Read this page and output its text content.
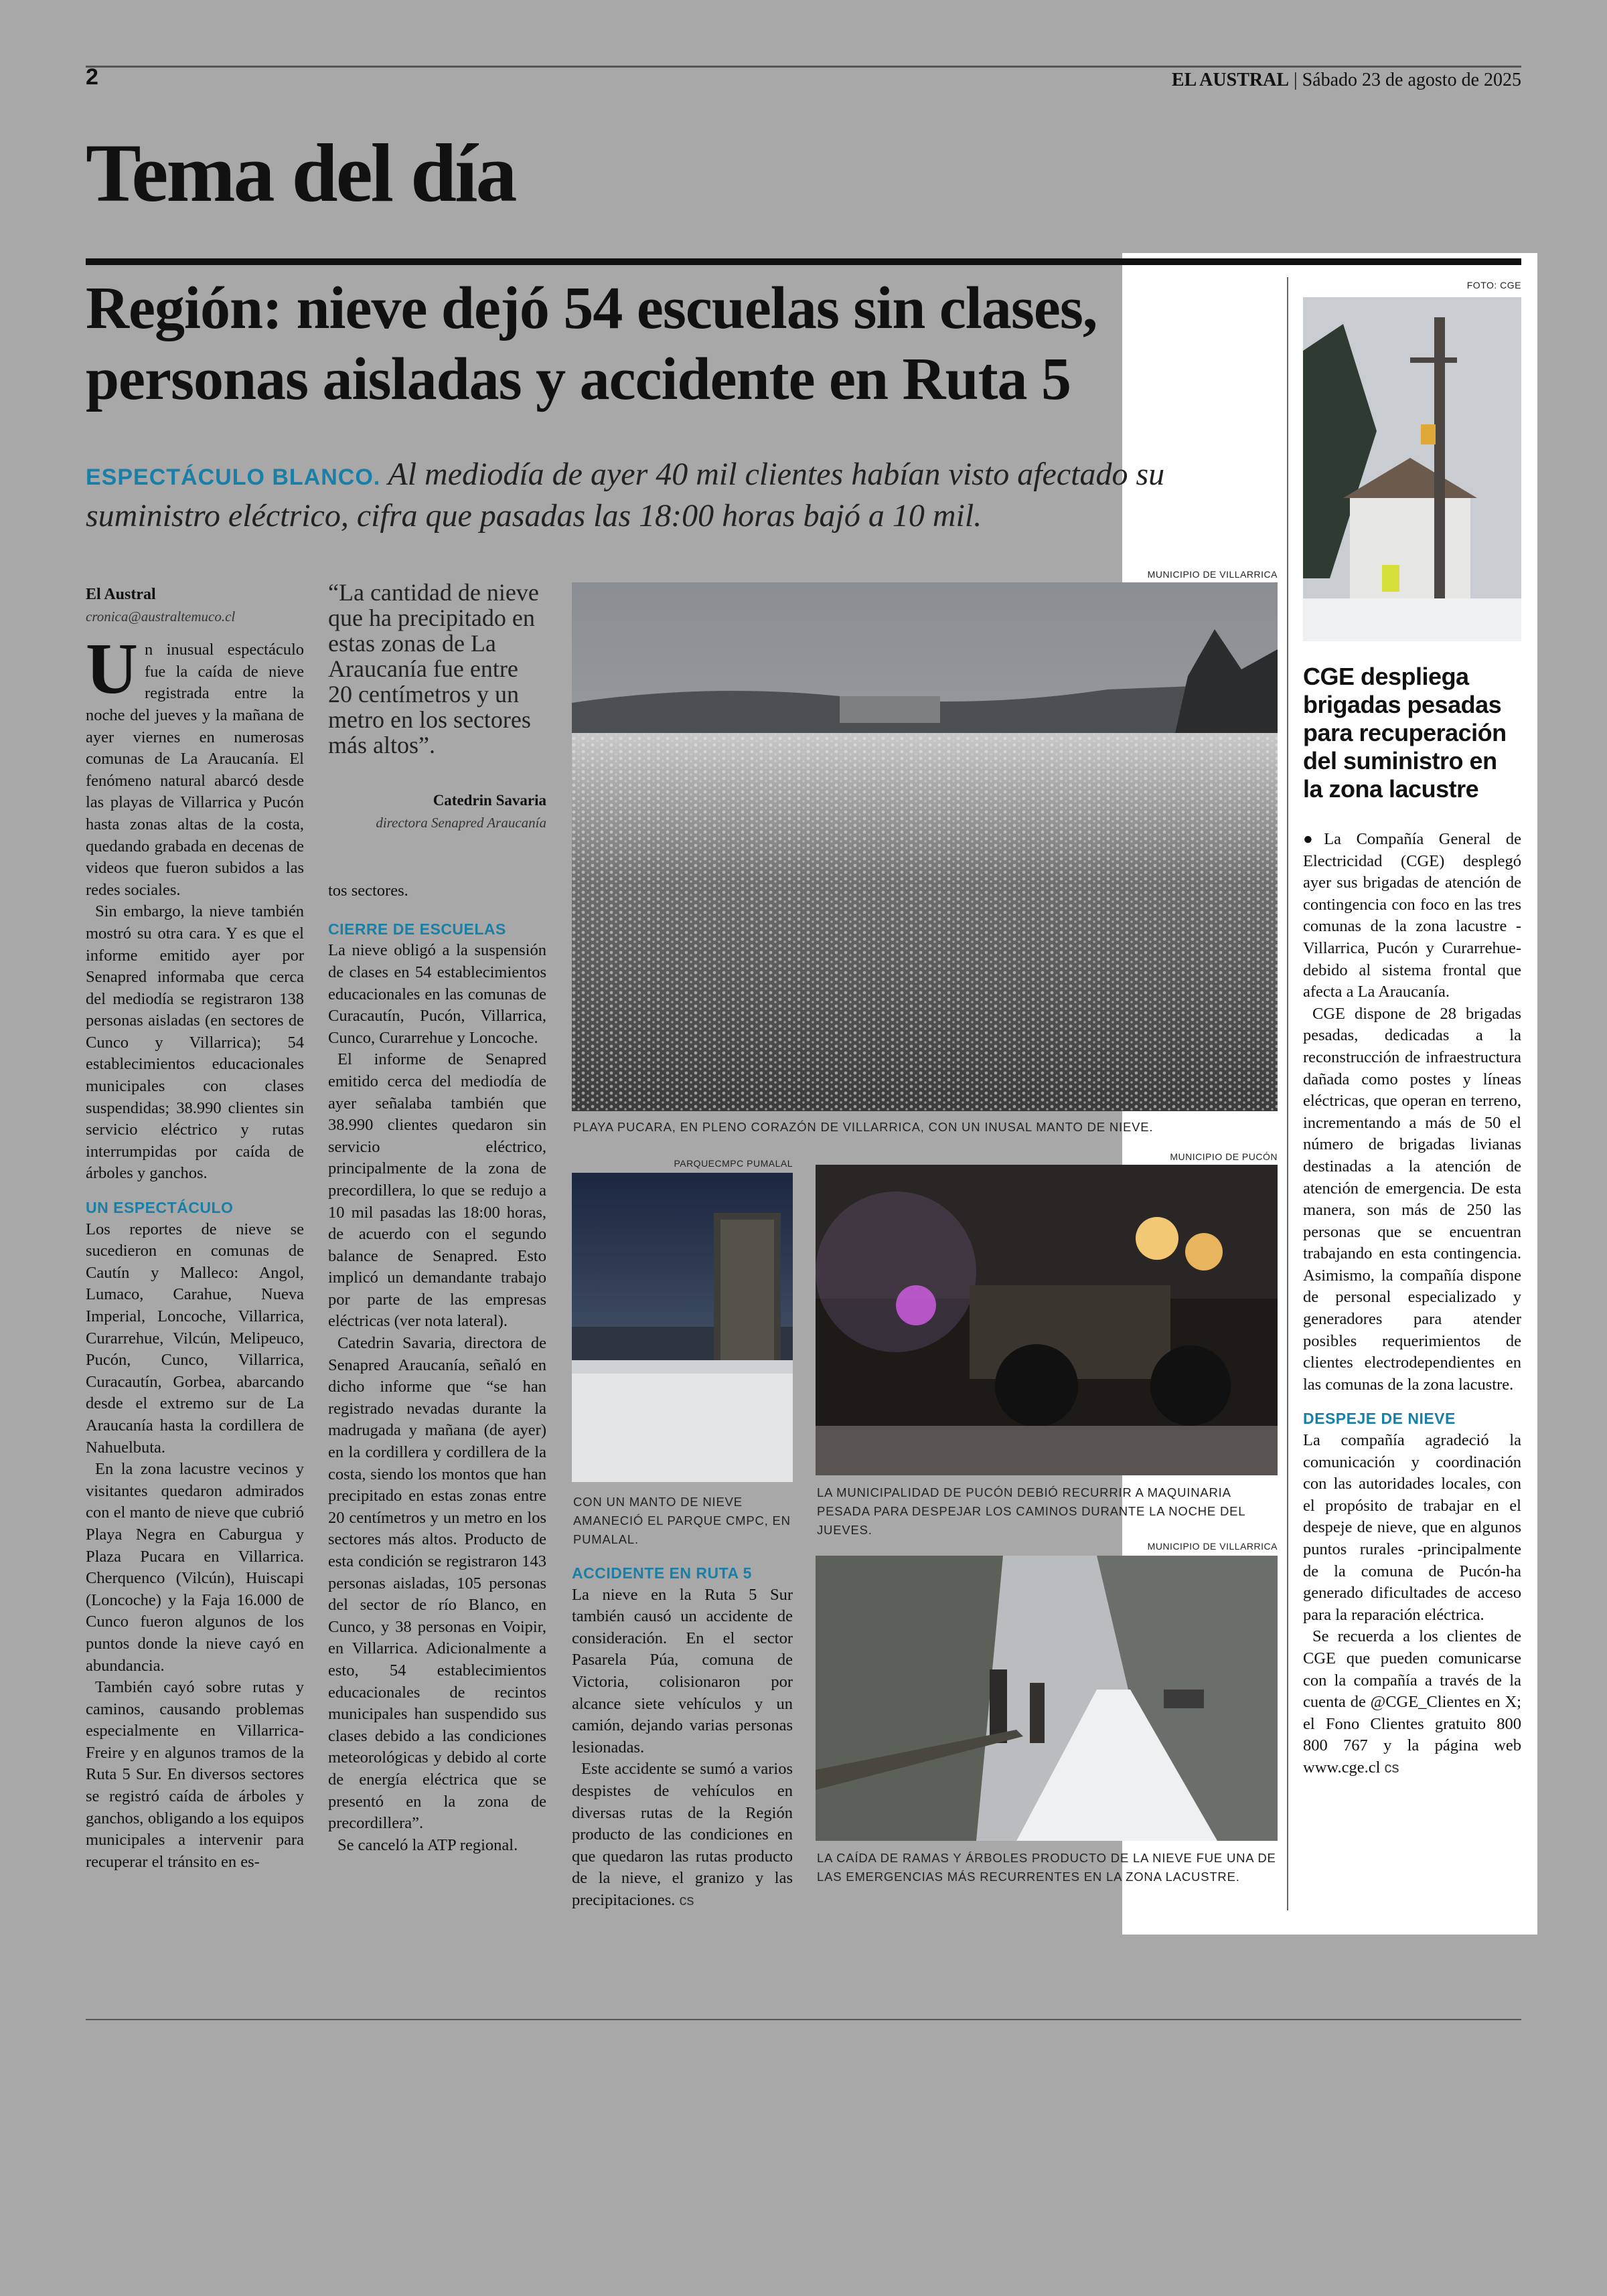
2	EL AUSTRAL | Sábado 23 de agosto de 2025
Tema del día
Región: nieve dejó 54 escuelas sin clases,
personas aisladas y accidente en Ruta 5
ESPECTÁCULO BLANCO. Al mediodía de ayer 40 mil clientes habían visto afectado su suministro eléctrico, cifra que pasadas las 18:00 horas bajó a 10 mil.
El Austral
cronica@australtemuco.cl

Un inusual espectáculo fue la caída de nieve registrada entre la noche del jueves y la mañana de ayer viernes en numerosas comunas de La Araucanía. El fenómeno natural abarcó desde las playas de Villarrica y Pucón hasta zonas altas de la costa, quedando grabada en decenas de videos que fueron subidos a las redes sociales.

Sin embargo, la nieve también mostró su otra cara. Y es que el informe emitido ayer por Senapred informaba que cerca del mediodía se registraron 138 personas aisladas (en sectores de Cunco y Villarrica); 54 establecimientos educacionales municipales con clases suspendidas; 38.990 clientes sin servicio eléctrico y rutas interrumpidas por caída de árboles y ganchos.

UN ESPECTÁCULO

Los reportes de nieve se sucedieron en comunas de Cautín y Malleco: Angol, Lumaco, Carahue, Nueva Imperial, Loncoche, Villarrica, Curarrehue, Vilcún, Melipeuco, Pucón, Cunco, Villarrica, Curacautín, Gorbea, abarcando desde el extremo sur de La Araucanía hasta la cordillera de Nahuelbuta.

En la zona lacustre vecinos y visitantes quedaron admirados con el manto de nieve que cubrió Playa Negra en Caburgua y Plaza Pucara en Villarrica. Cherquenco (Vilcún), Huiscapi (Loncoche) y la Faja 16.000 de Cunco fueron algunos de los puntos donde la nieve cayó en abundancia.

También cayó sobre rutas y caminos, causando problemas especialmente en Villarrica-Freire y en algunos tramos de la Ruta 5 Sur. En diversos sectores se registró caída de árboles y ganchos, obligando a los equipos municipales a intervenir para recuperar el tránsito en es-

“La cantidad de nieve que ha precipitado en estas zonas de La Araucanía fue entre 20 centímetros y un metro en los sectores más altos”.
Catedrin Savaria
directora Senapred Araucanía

tos sectores.

CIERRE DE ESCUELAS

La nieve obligó a la suspensión de clases en 54 establecimientos educacionales en las comunas de Curacautín, Pucón, Villarrica, Cunco, Curarrehue y Loncoche.

El informe de Senapred emitido cerca del mediodía de ayer señalaba también que 38.990 clientes quedaron sin servicio eléctrico, principalmente de la zona de precordillera, lo que se redujo a 10 mil pasadas las 18:00 horas, de acuerdo con el segundo balance de Senapred. Esto implicó un demandante trabajo por parte de las empresas eléctricas (ver nota lateral).

Catedrin Savaria, directora de Senapred Araucanía, señaló en dicho informe que “se han registrado nevadas durante la madrugada y mañana (de ayer) en la cordillera y cordillera de la costa, siendo los montos que han precipitado en estas zonas entre 20 centímetros y un metro en los sectores más altos. Producto de esta condición se registraron 143 personas aisladas, 105 personas del sector de río Blanco, en Cunco, y 38 personas en Voipir, en Villarrica. Adicionalmente a esto, 54 establecimientos educacionales de recintos municipales han suspendido sus clases debido a las condiciones meteorológicas y debido al corte de energía eléctrica que se presentó en la zona de precordillera”.

Se canceló la ATP regional.

MUNICIPIO DE VILLARRICA
PLAYA PUCARA, EN PLENO CORAZÓN DE VILLARRICA, CON UN INUSAL MANTO DE NIEVE.
PARQUECMPC PUMALAL
CON UN MANTO DE NIEVE AMANECIÓ EL PARQUE CMPC, EN PUMALAL.
MUNICIPIO DE PUCÓN
LA MUNICIPALIDAD DE PUCÓN DEBIÓ RECURRIR A MAQUINARIA PESADA PARA DESPEJAR LOS CAMINOS DURANTE LA NOCHE DEL JUEVES.
MUNICIPIO DE VILLARRICA
LA CAÍDA DE RAMAS Y ÁRBOLES PRODUCTO DE LA NIEVE FUE UNA DE LAS EMERGENCIAS MÁS RECURRENTES EN LA ZONA LACUSTRE.
ACCIDENTE EN RUTA 5

La nieve en la Ruta 5 Sur también causó un accidente de consideración. En el sector Pasarela Púa, comuna de Victoria, colisionaron por alcance siete vehículos y un camión, dejando varias personas lesionadas.

Este accidente se sumó a varios despistes de vehículos en diversas rutas de la Región producto de las condiciones en que quedaron las rutas producto de la nieve, el granizo y las precipitaciones. cs

FOTO: CGE
CGE despliega brigadas pesadas para recuperación del suministro en la zona lacustre

●La Compañía General de Electricidad (CGE) desplegó ayer sus brigadas de atención de contingencia con foco en las tres comunas de la zona lacustre -Villarrica, Pucón y Curarrehue- debido al sistema frontal que afecta a La Araucanía.

CGE dispone de 28 brigadas pesadas, dedicadas a la reconstrucción de infraestructura dañada como postes y líneas eléctricas, que operan en terreno, incrementando a más de 50 el número de brigadas livianas destinadas a la atención de atención de emergencia. De esta manera, son más de 250 las personas que se encuentran trabajando en esta contingencia. Asimismo, la compañía dispone de personal especializado y generadores para atender posibles requerimientos de clientes electrodependientes en las comunas de la zona lacustre.

DESPEJE DE NIEVE

La compañía agradeció la comunicación y coordinación con las autoridades locales, con el propósito de trabajar en el despeje de nieve, que en algunos puntos rurales -principalmente de la comuna de Pucón-ha generado dificultades de acceso para la reparación eléctrica.

Se recuerda a los clientes de CGE que pueden comunicarse con la compañía a través de la cuenta de @CGE_Clientes en X; el Fono Clientes gratuito 800 800 767 y la página web www.cge.cl cs
